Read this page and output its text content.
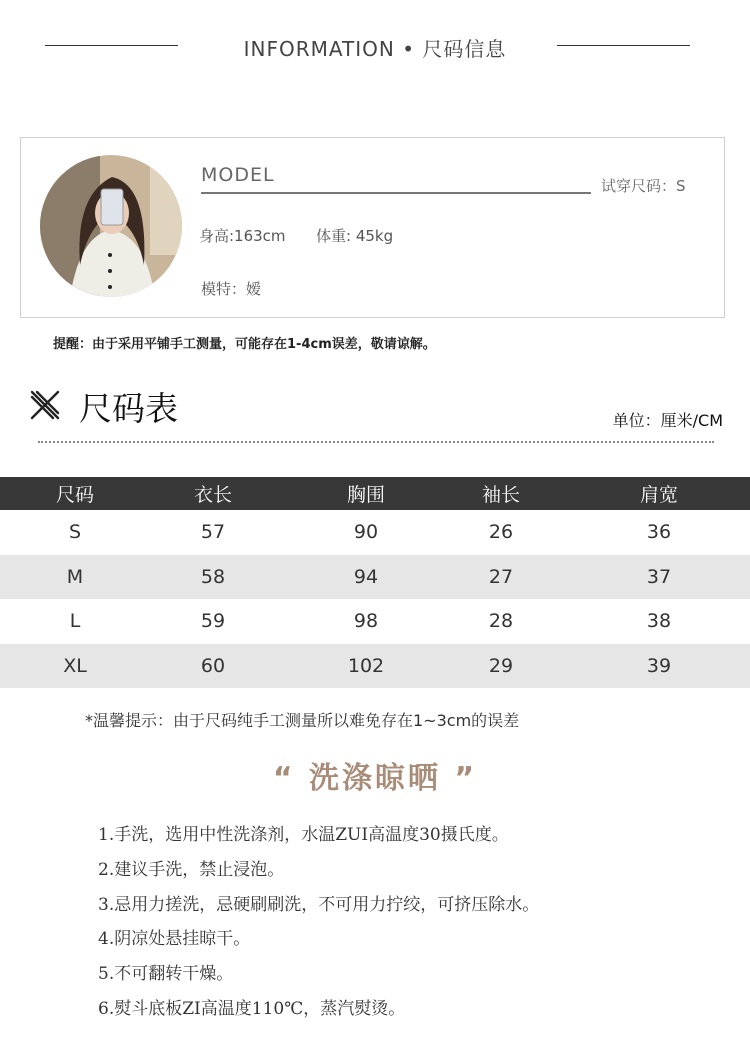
INFORMATION • 尺码信息
MODEL	试穿尺码：S
身高:163cm 体重: 45kg
模特：嫒
提醒：由于采用平铺手工测量，可能存在1-4cm误差，敬请谅解。
尺码表	单位：厘米/CM
尺码	衣长	胸围	袖长	肩宽
S	57	90	26	36
M	58	94	27	37
L	59	98	28	38
XL	60	102	29	39
*温馨提示：由于尺码纯手工测量所以难免存在1~3cm的误差
“ 洗涤晾晒 ”
1.手洗，选用中性洗涤剂，水温ZUI高温度30摄氏度。
2.建议手洗，禁止浸泡。
3.忌用力搓洗，忌硬刷刷洗，不可用力拧绞，可挤压除水。
4.阴凉处悬挂晾干。
5.不可翻转干燥。
6.熨斗底板ZI高温度110℃，蒸汽熨烫。
